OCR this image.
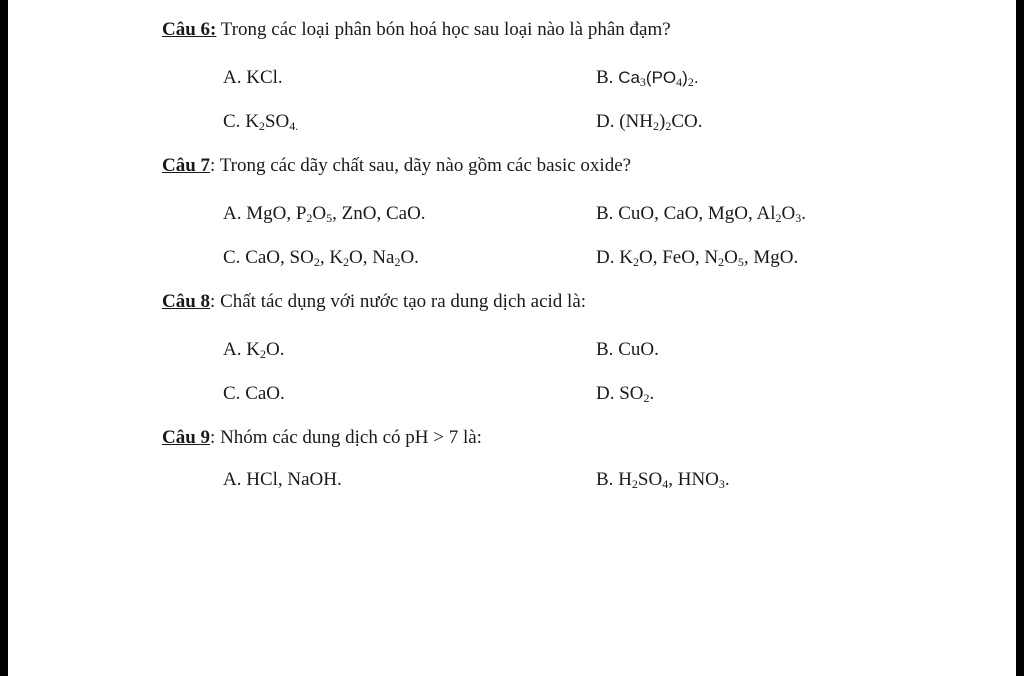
Câu 6: Trong các loại phân bón hoá học sau loại nào là phân đạm?
A. KCl.	B. $Ca_3(PO_4)_2$.
C. $K_2SO_{4.}$	D. $(NH_2)_2CO$.
Câu 7: Trong các dãy chất sau, dãy nào gồm các basic oxide?
A. MgO, $P_2O_5$, ZnO, CaO.	B. CuO, CaO, MgO, $Al_2O_3$.
C. CaO, $SO_2$, $K_2O$, $Na_2O$.	D. $K_2O$, FeO, $N_2O_5$, MgO.
Câu 8: Chất tác dụng với nước tạo ra dung dịch acid là:
A. $K_2O$.	B. CuO.
C. CaO.	D. $SO_2$.
Câu 9: Nhóm các dung dịch có pH > 7 là:
A. HCl, NaOH.	B. $H_2SO_4$, $HNO_3$.
